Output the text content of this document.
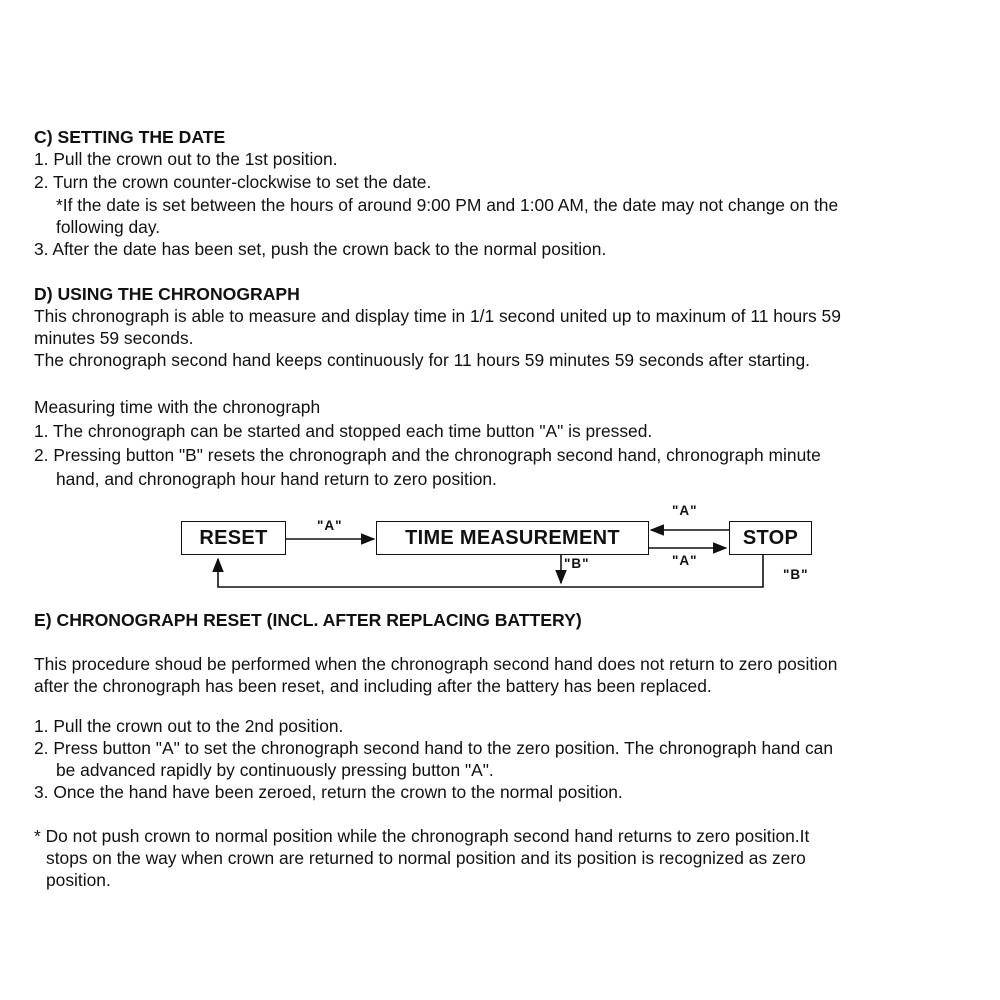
C) SETTING THE DATE

1. Pull the crown out to the 1st position.

2. Turn the crown counter-clockwise to set the date.

*If the date is set between the hours of around 9:00 PM and 1:00 AM, the date may not change on the

following day.

3. After the date has been set, push the crown back to the normal position.

D) USING THE CHRONOGRAPH

This chronograph is able to measure and display time in 1/1 second united up to maxinum of 11 hours 59

minutes 59 seconds.

The chronograph second hand keeps continuously for 11 hours 59 minutes 59 seconds after starting.

Measuring time with the chronograph

1. The chronograph can be started and stopped each time button "A" is pressed.

2. Pressing button "B" resets the chronograph and the chronograph second hand, chronograph minute

hand, and chronograph hour hand return to zero position.

RESET	TIME MEASUREMENT	STOP
"A"
"A"
"A"
"B"
"B"

E) CHRONOGRAPH RESET (INCL. AFTER REPLACING BATTERY)

This procedure shoud be performed when the chronograph second hand does not return to zero position

after the chronograph has been reset, and including after the battery has been replaced.

1. Pull the crown out to the 2nd position.

2. Press button "A" to set the chronograph second hand to the zero position. The chronograph hand can

be advanced rapidly by continuously pressing button "A".

3. Once the hand have been zeroed, return the crown to the normal position.

* Do not push crown to normal position while the chronograph second hand returns to zero position.It

stops on the way when crown are returned to normal position and its position is recognized as zero

position.
